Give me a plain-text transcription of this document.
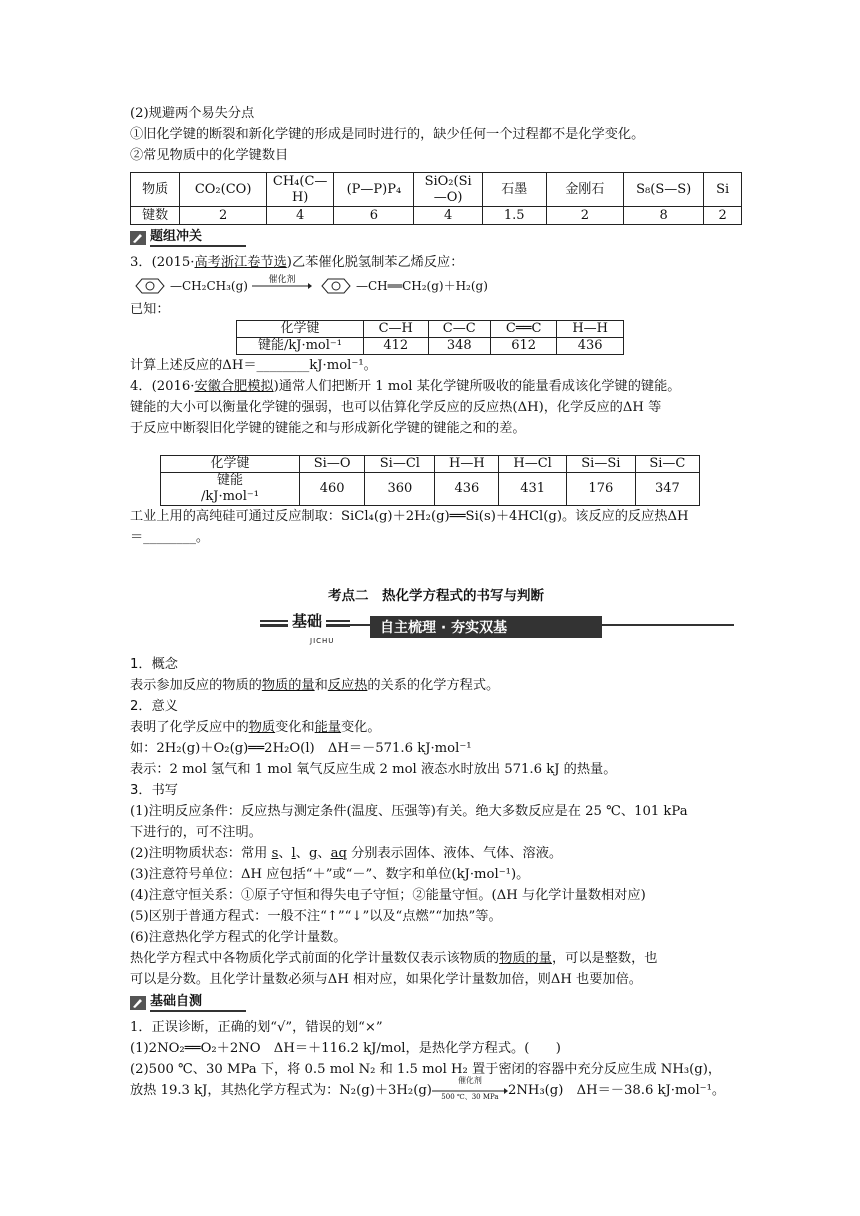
(2)规避两个易失分点
①旧化学键的断裂和新化学键的形成是同时进行的，缺少任何一个过程都不是化学变化。
②常见物质中的化学键数目
物质	CO₂(CO)	CH₄(C—H)	(P—P)P₄	SiO₂(Si—O)	石墨	金刚石	S₈(S—S)	Si
键数	2	4	6	4	1.5	2	8	2
题组冲关
3．(2015·高考浙江卷节选)乙苯催化脱氢制苯乙烯反应：
—CH₂CH₃(g)	催化剂	—CH══CH₂(g)＋H₂(g)
已知：
化学键	C—H	C—C	C══C	H—H
键能/kJ·mol⁻¹	412	348	612	436
计算上述反应的ΔH＝________kJ·mol⁻¹。
4．(2016·安徽合肥模拟)通常人们把断开 1 mol 某化学键所吸收的能量看成该化学键的键能。
键能的大小可以衡量化学键的强弱，也可以估算化学反应的反应热(ΔH)，化学反应的ΔH 等
于反应中断裂旧化学键的键能之和与形成新化学键的键能之和的差。
化学键	Si—O	Si—Cl	H—H	H—Cl	Si—Si	Si—C

键能
/kJ·mol⁻¹	460	360	436	431	176	347
工业上用的高纯硅可通过反应制取：SiCl₄(g)＋2H₂(g)══Si(s)＋4HCl(g)。该反应的反应热ΔH
＝________。
考点二　热化学方程式的书写与判断
基础
JICHU
自主梳理 · 夯实双基
1．概念
表示参加反应的物质的物质的量和反应热的关系的化学方程式。
2．意义
表明了化学反应中的物质变化和能量变化。
如：2H₂(g)＋O₂(g)══2H₂O(l)　ΔH＝－571.6 kJ·mol⁻¹
表示：2 mol 氢气和 1 mol 氧气反应生成 2 mol 液态水时放出 571.6 kJ 的热量。
3．书写
(1)注明反应条件：反应热与测定条件(温度、压强等)有关。绝大多数反应是在 25 ℃、101 kPa
下进行的，可不注明。
(2)注明物质状态：常用 s、l、g、aq 分别表示固体、液体、气体、溶液。
(3)注意符号单位：ΔH 应包括“＋”或“－”、数字和单位(kJ·mol⁻¹)。
(4)注意守恒关系：①原子守恒和得失电子守恒；②能量守恒。(ΔH 与化学计量数相对应)
(5)区别于普通方程式：一般不注“↑”“↓”以及“点燃”“加热”等。
(6)注意热化学方程式的化学计量数。
热化学方程式中各物质化学式前面的化学计量数仅表示该物质的物质的量，可以是整数，也
可以是分数。且化学计量数必须与ΔH 相对应，如果化学计量数加倍，则ΔH 也要加倍。
基础自测
1．正误诊断，正确的划“√”，错误的划“×”
(1)2NO₂══O₂＋2NO　ΔH＝＋116.2 kJ/mol，是热化学方程式。(　　)
(2)500 ℃、30 MPa 下，将 0.5 mol N₂ 和 1.5 mol H₂ 置于密闭的容器中充分反应生成 NH₃(g)，
放热 19.3 kJ，其热化学方程式为：N₂(g)＋3H₂(g)
催化剂
500 ℃、30 MPa 2NH₃(g)　ΔH＝－38.6 kJ·mol⁻¹。
